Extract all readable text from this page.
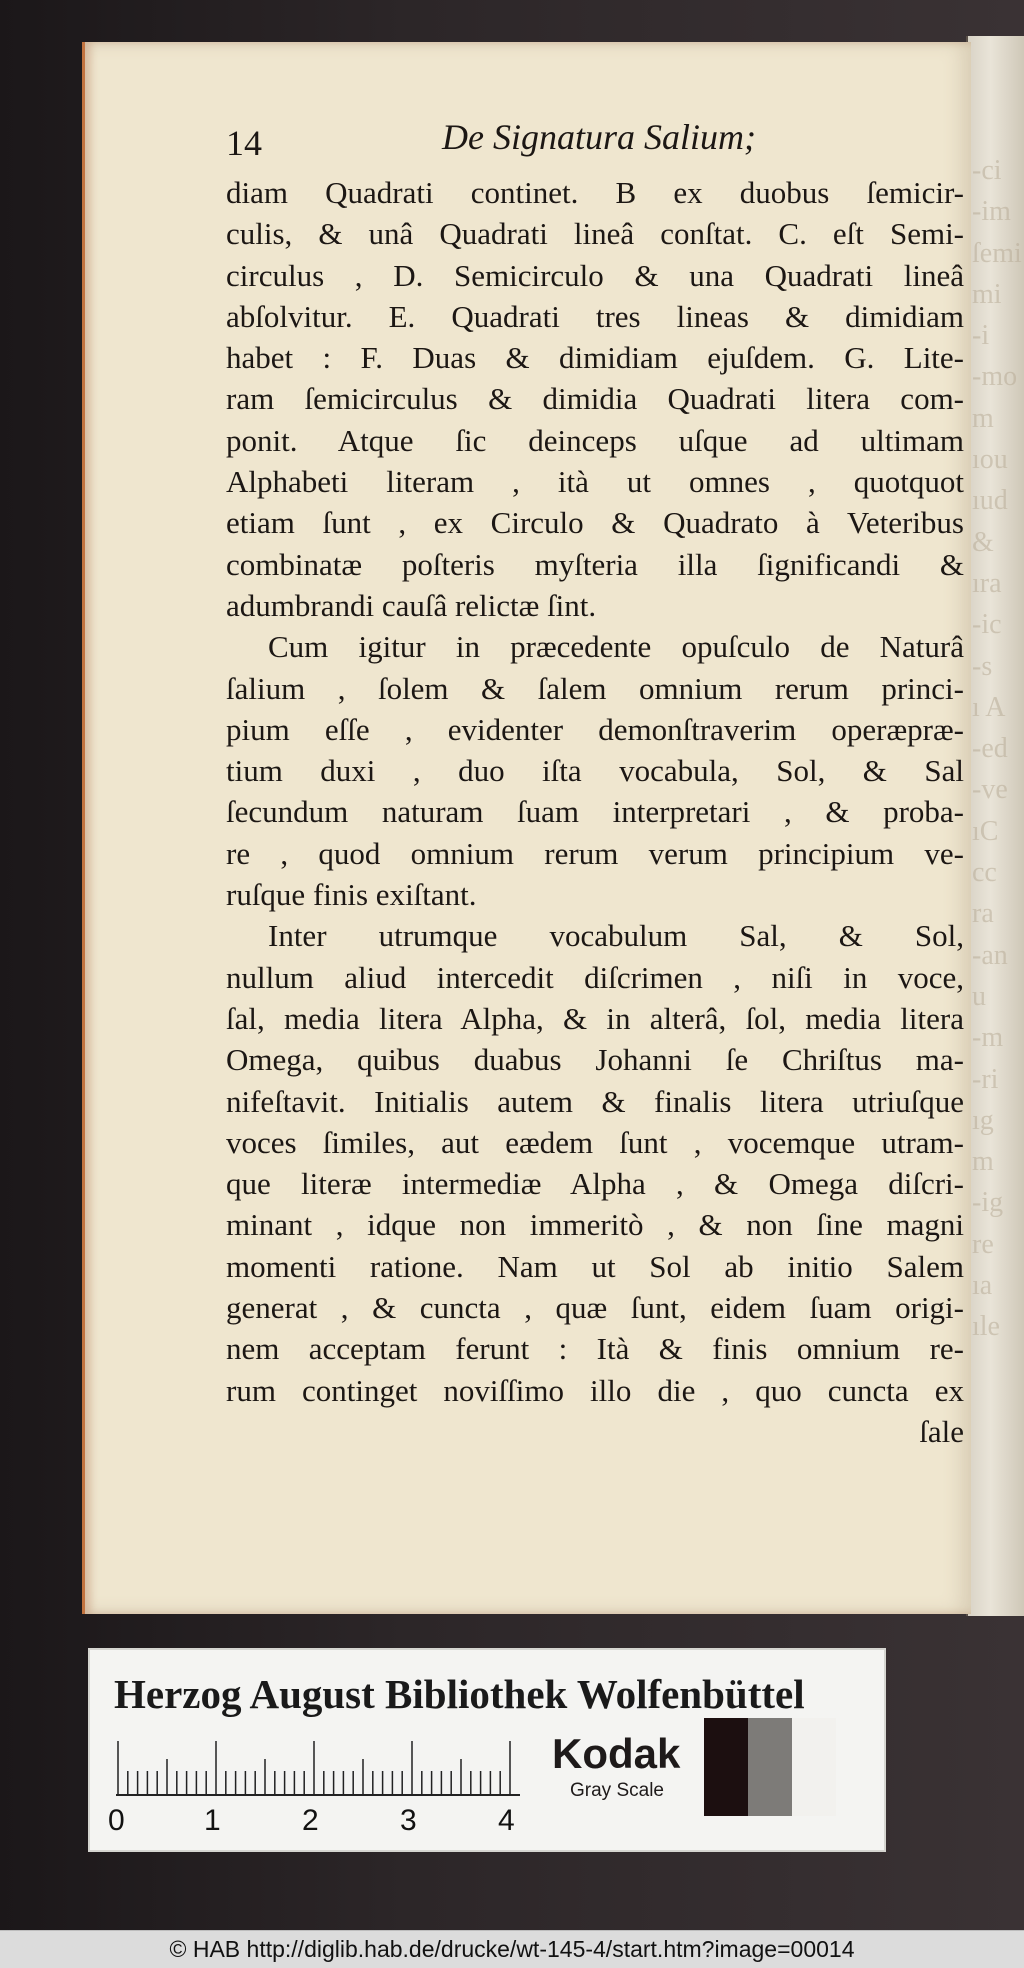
-ci
-im
ſemi
mi
-i
-mo
m
ıou
ıud
&
ıra
-ic
-s
ı A
-ed
-ve
ıC
cc
ra
-an
u
-m
-ri
ıg
m
-ig
re
ıa
ıle
14	De Signatura Salium;
diam Quadrati continet. B ex duobus ſemicir-
culis, & unâ Quadrati lineâ conſtat. C. eſt Semi-
circulus , D. Semicirculo & una Quadrati lineâ
abſolvitur. E. Quadrati tres lineas & dimidiam
habet : F. Duas & dimidiam ejuſdem. G. Lite-
ram ſemicirculus & dimidia Quadrati litera com-
ponit. Atque ſic deinceps uſque ad ultimam
Alphabeti literam , ità ut omnes , quotquot
etiam ſunt , ex Circulo & Quadrato à Veteribus
combinatæ poſteris myſteria illa ſignificandi &
adumbrandi cauſâ relictæ ſint.
Cum igitur in præcedente opuſculo de Naturâ
ſalium , ſolem & ſalem omnium rerum princi-
pium eſſe , evidenter demonſtraverim operæpræ-
tium duxi , duo iſta vocabula, Sol, & Sal
ſecundum naturam ſuam interpretari , & proba-
re , quod omnium rerum verum principium ve-
ruſque finis exiſtant.
Inter utrumque vocabulum Sal, & Sol,
nullum aliud intercedit diſcrimen , niſi in voce,
ſal, media litera Alpha, & in alterâ, ſol, media litera
Omega, quibus duabus Johanni ſe Chriſtus ma-
nifeſtavit. Initialis autem & finalis litera utriuſque
voces ſimiles, aut eædem ſunt , vocemque utram-
que literæ intermediæ Alpha , & Omega diſcri-
minant , idque non immeritò , & non ſine magni
momenti ratione. Nam ut Sol ab initio Salem
generat , & cuncta , quæ ſunt, eidem ſuam origi-
nem acceptam ferunt : Ità & finis omnium re-
rum continget noviſſimo illo die , quo cuncta ex
ſale
Herzog August Bibliothek Wolfenbüttel
0	1	2	3	4
Kodak
Gray Scale
© HAB http://diglib.hab.de/drucke/wt-145-4/start.htm?image=00014
